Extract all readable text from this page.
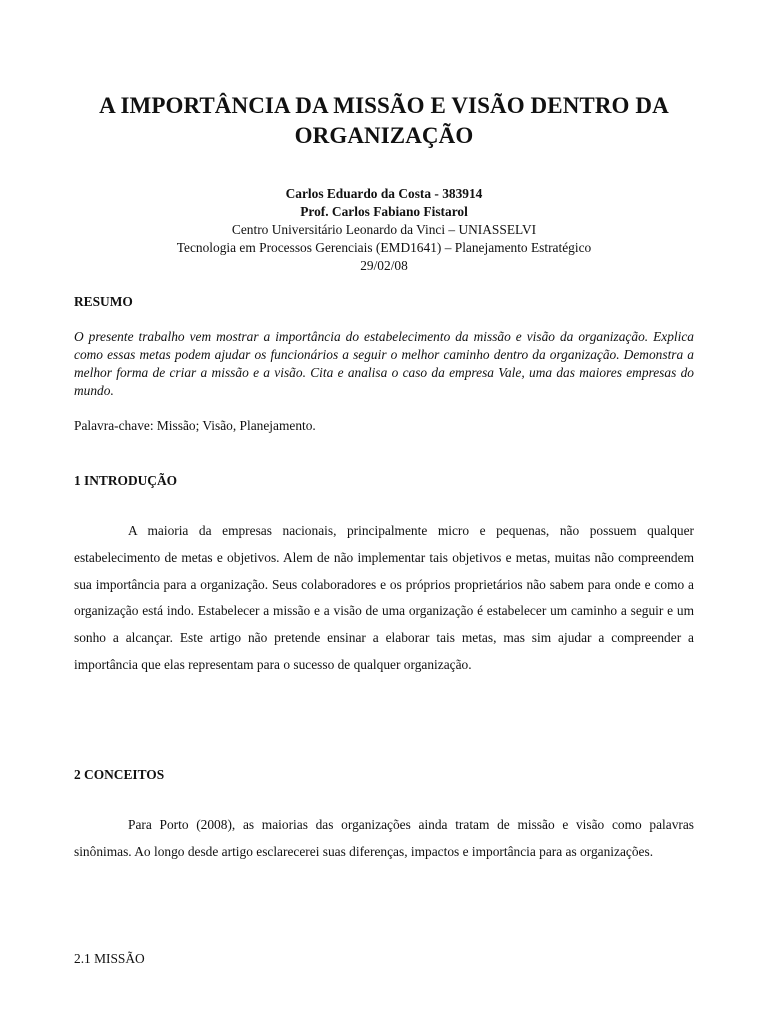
A IMPORTÂNCIA DA MISSÃO E VISÃO DENTRO DA ORGANIZAÇÃO
Carlos Eduardo da Costa - 383914
Prof. Carlos Fabiano Fistarol
Centro Universitário Leonardo da Vinci – UNIASSELVI
Tecnologia em Processos Gerenciais (EMD1641) – Planejamento Estratégico
29/02/08
RESUMO
O presente trabalho vem mostrar a importância do estabelecimento da missão e visão da organização. Explica como essas metas podem ajudar os funcionários a seguir o melhor caminho dentro da organização. Demonstra a melhor forma de criar a missão e a visão. Cita e analisa o caso da empresa Vale, uma das maiores empresas do mundo.
Palavra-chave: Missão; Visão, Planejamento.
1 INTRODUÇÃO
A maioria da empresas nacionais, principalmente micro e pequenas, não possuem qualquer estabelecimento de metas e objetivos. Alem de não implementar tais objetivos e metas, muitas não compreendem sua importância para a organização. Seus colaboradores e os próprios proprietários não sabem para onde e como a organização está indo. Estabelecer a missão e a visão de uma organização é estabelecer um caminho a seguir e um sonho a alcançar. Este artigo não pretende ensinar a elaborar tais metas, mas sim ajudar a compreender a importância que elas representam para o sucesso de qualquer organização.
2 CONCEITOS
Para Porto (2008), as maiorias das organizações ainda tratam de missão e visão como palavras sinônimas. Ao longo desde artigo esclarecerei suas diferenças, impactos e importância para as organizações.
2.1 MISSÃO
